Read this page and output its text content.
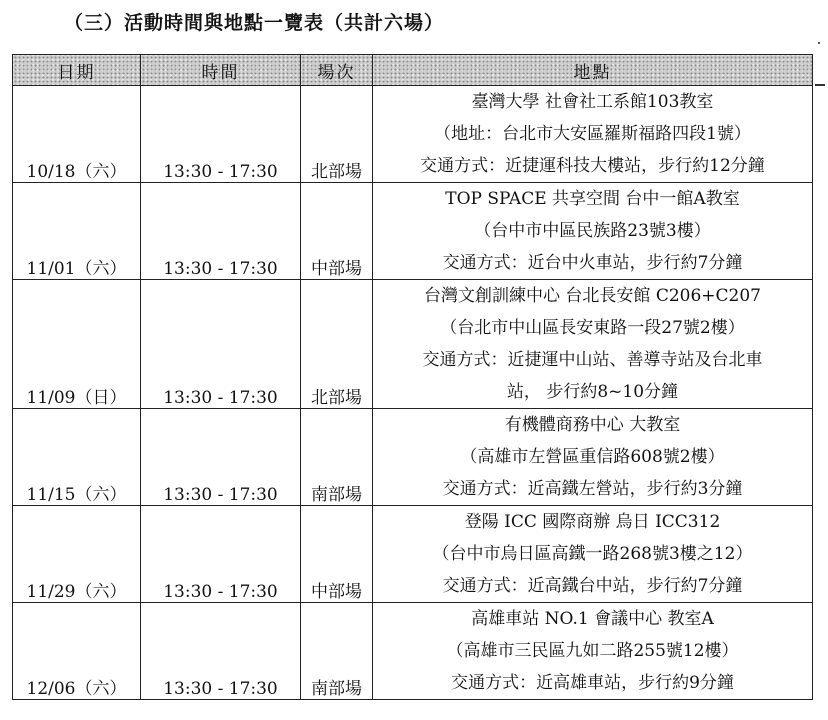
（三）活動時間與地點一覽表（共計六場）
日期	時間	場次	地點
10/18（六）	13:30 - 17:30	北部場	臺灣大學 社會社工系館103教室
（地址：台北市大安區羅斯福路四段1號）
交通方式：近捷運科技大樓站，步行約12分鐘

11/01（六）	13:30 - 17:30	中部場	TOP SPACE 共享空間 台中一館A教室
（台中市中區民族路23號3樓）
交通方式：近台中火車站，步行約7分鐘

11/09（日）	13:30 - 17:30	北部場	台灣文創訓練中心 台北長安館 C206+C207
（台北市中山區長安東路一段27號2樓）
交通方式：近捷運中山站、善導寺站及台北車
站， 步行約8~10分鐘

11/15（六）	13:30 - 17:30	南部場	有機體商務中心 大教室
（高雄市左營區重信路608號2樓）
交通方式：近高鐵左營站，步行約3分鐘

11/29（六）	13:30 - 17:30	中部場	登陽 ICC 國際商辦 烏日 ICC312
（台中市烏日區高鐵一路268號3樓之12）
交通方式：近高鐵台中站，步行約7分鐘

12/06（六）	13:30 - 17:30	南部場	高雄車站 NO.1 會議中心 教室A
（高雄市三民區九如二路255號12樓）
交通方式：近高雄車站，步行約9分鐘
